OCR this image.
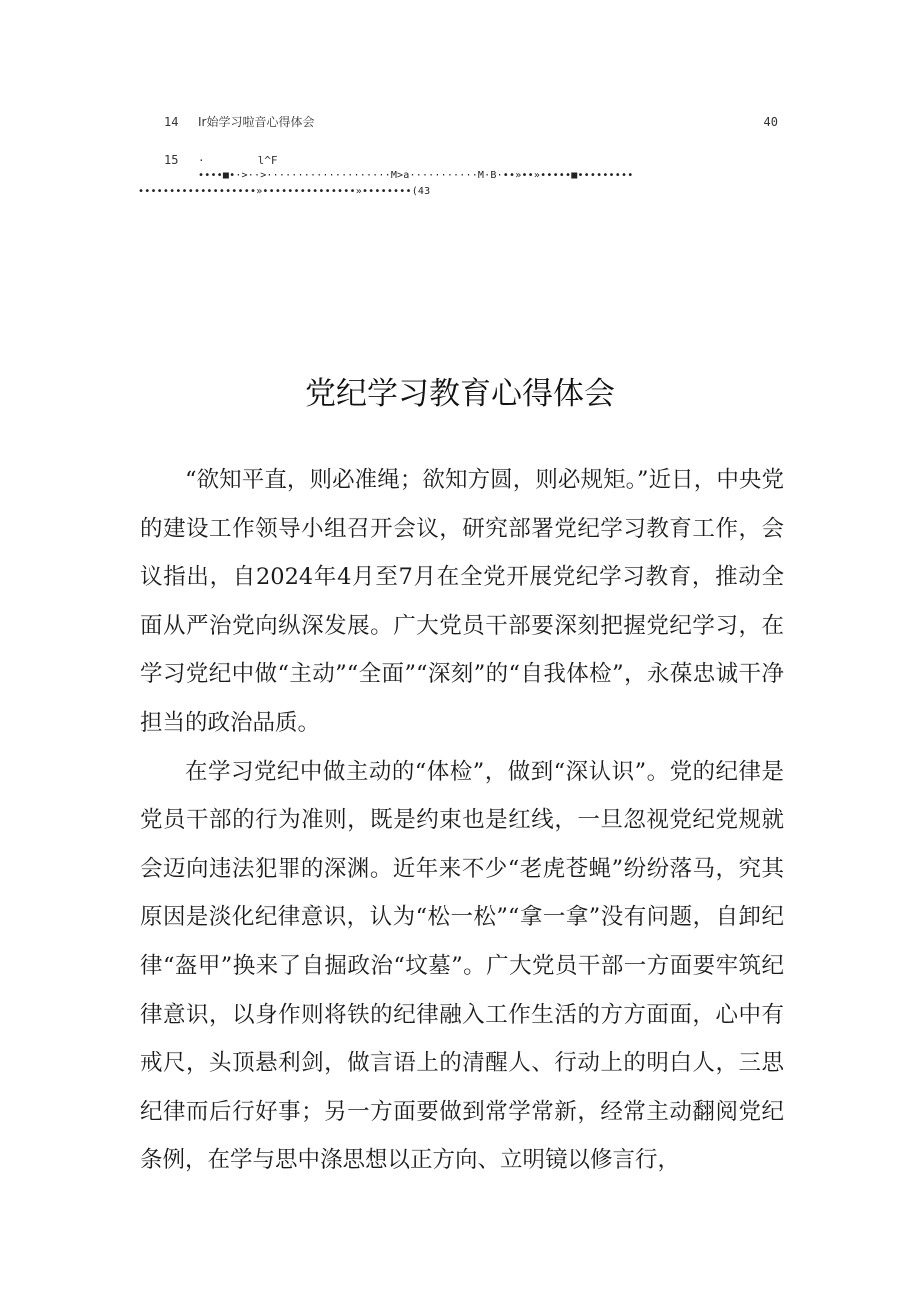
14 Ir始学习啦音心得体会	40
15 ·        l^F
••••■•·>··>····················M>a···········M·B·••»••»•••••■•••••••••
•••••••••••••••••••»•••••••••••••••»••••••••(43
党纪学习教育心得体会

“欲知平直，则必准绳；欲知方圆，则必规矩。”近日，中央党的建设工作领导小组召开会议，研究部署党纪学习教育工作，会议指出，自2024年4月至7月在全党开展党纪学习教育，推动全面从严治党向纵深发展。广大党员干部要深刻把握党纪学习，在学习党纪中做“主动”“全面”“深刻”的“自我体检”，永葆忠诚干净担当的政治品质。

在学习党纪中做主动的“体检”，做到“深认识”。党的纪律是党员干部的行为准则，既是约束也是红线，一旦忽视党纪党规就会迈向违法犯罪的深渊。近年来不少“老虎苍蝇”纷纷落马，究其原因是淡化纪律意识，认为“松一松”“拿一拿”没有问题，自卸纪律“盔甲”换来了自掘政治“坟墓”。广大党员干部一方面要牢筑纪律意识，以身作则将铁的纪律融入工作生活的方方面面，心中有戒尺，头顶悬利剑，做言语上的清醒人、行动上的明白人，三思纪律而后行好事；另一方面要做到常学常新，经常主动翻阅党纪条例，在学与思中涤思想以正方向、立明镜以修言行，
